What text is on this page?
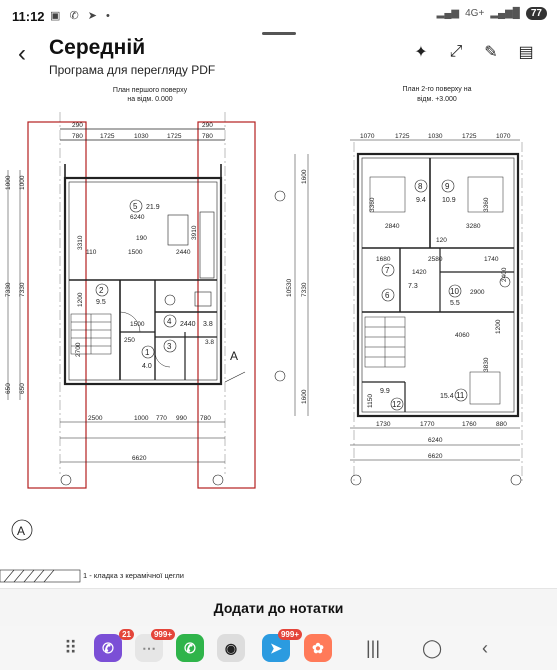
11:12 ▣ ✆ ➤ •	▂▄▆ 4G+ ▂▄▆█	77
‹ Середній
Програма для перегляду PDF
✦ ⤢ ✎ ▤
План першого поверху
на відм. 0.000
План 2-го поверху на
відм. +3.000
290
780	1725	1030	1725
290
780
7330 7330
1000 1000
650 650
6240
3310	190
1500	2440
3910
1200
1500
250
110
2700
3.8
5 21.9
2
9.5
4 2440
1
4.0
3
3.8
A
2500	1000 770 990 780
6620
1070	1725	1030	1725	1070
10530 7330
1600
1600
3360
2840	3280
3360
1680	2580
1420
2900
1740
4060
3830
1200
120
2400
1150
8
9.4
9
10.9
7
6
7.3
10
5.5
11
15.4
12
9.9
1730	1770	1760	880
6240
6620
A
1 - кладка з керамічної цегли
Додати до нотатки
⠿	✆
21
⋯
999+
✆	◉	➤
999+
✿	||| ◯ ‹
